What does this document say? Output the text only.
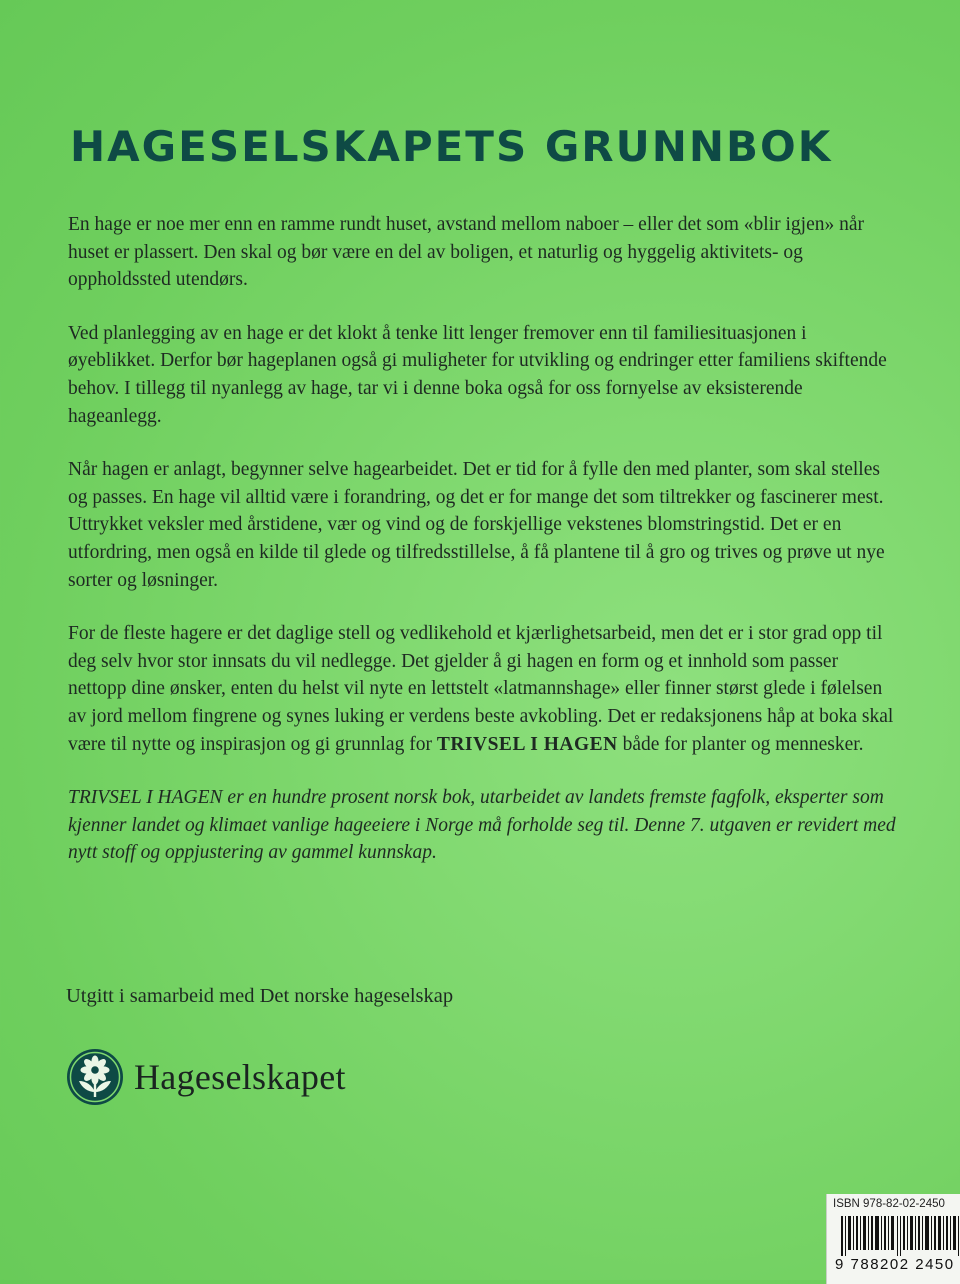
HAGESELSKAPETS GRUNNBOK

En hage er noe mer enn en ramme rundt huset, avstand mellom naboer – eller det som «blir igjen» når huset er plassert. Den skal og bør være en del av boligen, et naturlig og hyggelig aktivitets- og oppholdssted utendørs.

Ved planlegging av en hage er det klokt å tenke litt lenger fremover enn til familiesituasjonen i øyeblikket. Derfor bør hageplanen også gi muligheter for utvikling og endringer etter familiens skiftende behov. I tillegg til nyanlegg av hage, tar vi i denne boka også for oss fornyelse av eksisterende hageanlegg.

Når hagen er anlagt, begynner selve hagearbeidet. Det er tid for å fylle den med planter, som skal stelles og passes. En hage vil alltid være i forandring, og det er for mange det som tiltrekker og fascinerer mest. Uttrykket veksler med årstidene, vær og vind og de forskjellige vekstenes blomstringstid. Det er en utfordring, men også en kilde til glede og tilfredsstillelse, å få plantene til å gro og trives og prøve ut nye sorter og løsninger.

For de fleste hagere er det daglige stell og vedlikehold et kjærlighetsarbeid, men det er i stor grad opp til deg selv hvor stor innsats du vil nedlegge. Det gjelder å gi hagen en form og et innhold som passer nettopp dine ønsker, enten du helst vil nyte en lettstelt «latmannshage» eller finner størst glede i følelsen av jord mellom fingrene og synes luking er verdens beste avkobling. Det er redaksjonens håp at boka skal være til nytte og inspirasjon og gi grunnlag for TRIVSEL I HAGEN både for planter og mennesker.

TRIVSEL I HAGEN er en hundre prosent norsk bok, utarbeidet av landets fremste fagfolk, eksperter som kjenner landet og klimaet vanlige hageeiere i Norge må forholde seg til. Denne 7. utgaven er revidert med nytt stoff og oppjustering av gammel kunnskap.

Utgitt i samarbeid med Det norske hageselskap

Hageselskapet
ISBN 978-82-02-2450
9 788202 2450
